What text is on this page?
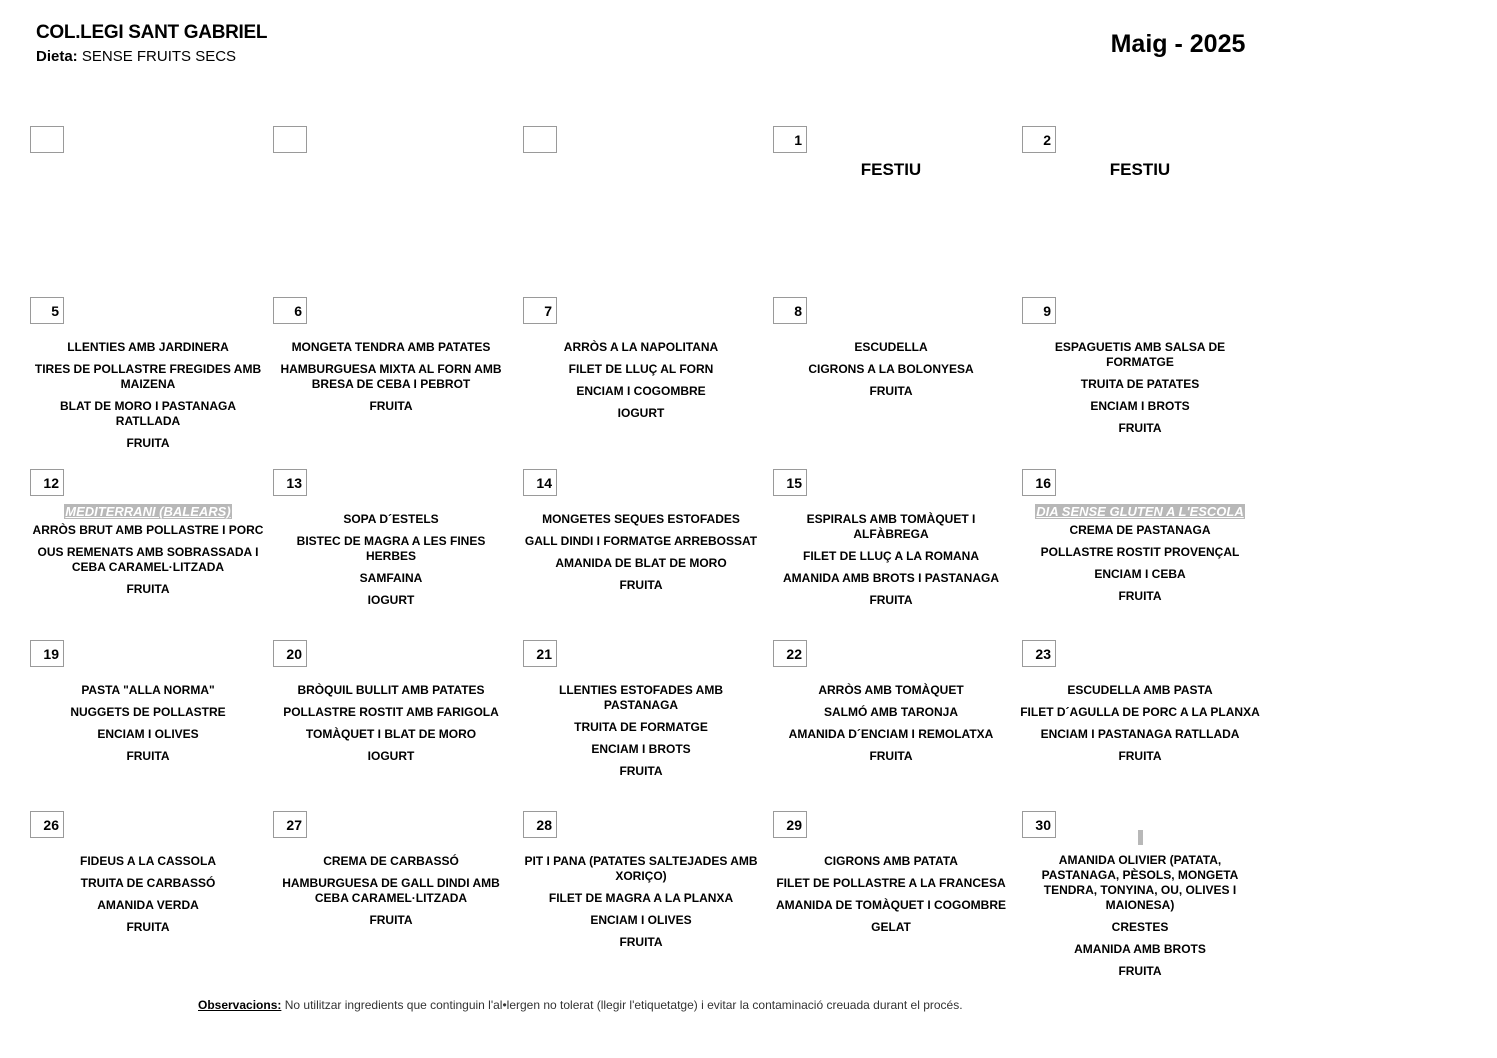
COL.LEGI SANT GABRIEL
Dieta: SENSE FRUITS SECS	Maig - 2025
1
FESTIU
2
FESTIU
5
LLENTIES AMB JARDINERA
TIRES DE POLLASTRE FREGIDES AMB MAIZENA
BLAT DE MORO I PASTANAGA RATLLADA
FRUITA
6
MONGETA TENDRA AMB PATATES
HAMBURGUESA MIXTA AL FORN AMB BRESA DE CEBA I PEBROT
FRUITA
7
ARRÒS A LA NAPOLITANA
FILET DE LLUÇ AL FORN
ENCIAM I COGOMBRE
IOGURT
8
ESCUDELLA
CIGRONS A LA BOLONYESA
FRUITA
9
ESPAGUETIS AMB SALSA DE FORMATGE
TRUITA DE PATATES
ENCIAM I BROTS
FRUITA
12
MEDITERRANI (BALEARS)
ARRÒS BRUT AMB POLLASTRE I PORC
OUS REMENATS AMB SOBRASSADA I CEBA CARAMEL·LITZADA
FRUITA
13
SOPA D´ESTELS
BISTEC DE MAGRA A LES FINES HERBES
SAMFAINA
IOGURT
14
MONGETES SEQUES ESTOFADES
GALL DINDI I FORMATGE ARREBOSSAT
AMANIDA DE BLAT DE MORO
FRUITA
15
ESPIRALS AMB TOMÀQUET I ALFÀBREGA
FILET DE LLUÇ A LA ROMANA
AMANIDA AMB BROTS I PASTANAGA
FRUITA
16
DIA SENSE GLUTEN A L'ESCOLA
CREMA DE PASTANAGA
POLLASTRE ROSTIT PROVENÇAL
ENCIAM I CEBA
FRUITA
19
PASTA "ALLA NORMA"
NUGGETS DE POLLASTRE
ENCIAM I OLIVES
FRUITA
20
BRÒQUIL BULLIT AMB PATATES
POLLASTRE ROSTIT AMB FARIGOLA
TOMÀQUET I BLAT DE MORO
IOGURT
21
LLENTIES ESTOFADES AMB PASTANAGA
TRUITA DE FORMATGE
ENCIAM I BROTS
FRUITA
22
ARRÒS AMB TOMÀQUET
SALMÓ AMB TARONJA
AMANIDA D´ENCIAM I REMOLATXA
FRUITA
23
ESCUDELLA AMB PASTA
FILET D´AGULLA DE PORC A LA PLANXA
ENCIAM I PASTANAGA RATLLADA
FRUITA
26
FIDEUS A LA CASSOLA
TRUITA DE CARBASSÓ
AMANIDA VERDA
FRUITA
27
CREMA DE CARBASSÓ
HAMBURGUESA DE GALL DINDI AMB CEBA CARAMEL·LITZADA
FRUITA
28
PIT I PANA (PATATES SALTEJADES AMB XORIÇO)
FILET DE MAGRA A LA PLANXA
ENCIAM I OLIVES
FRUITA
29
CIGRONS AMB PATATA
FILET DE POLLASTRE A LA FRANCESA
AMANIDA DE TOMÀQUET I COGOMBRE
GELAT
30
AMANIDA OLIVIER (PATATA, PASTANAGA, PÈSOLS, MONGETA TENDRA, TONYINA, OU, OLIVES I MAIONESA)
CRESTES
AMANIDA AMB BROTS
FRUITA
Observacions: No utilitzar ingredients que continguin l'al•lergen no tolerat (llegir l'etiquetatge) i evitar la contaminació creuada durant el procés.
